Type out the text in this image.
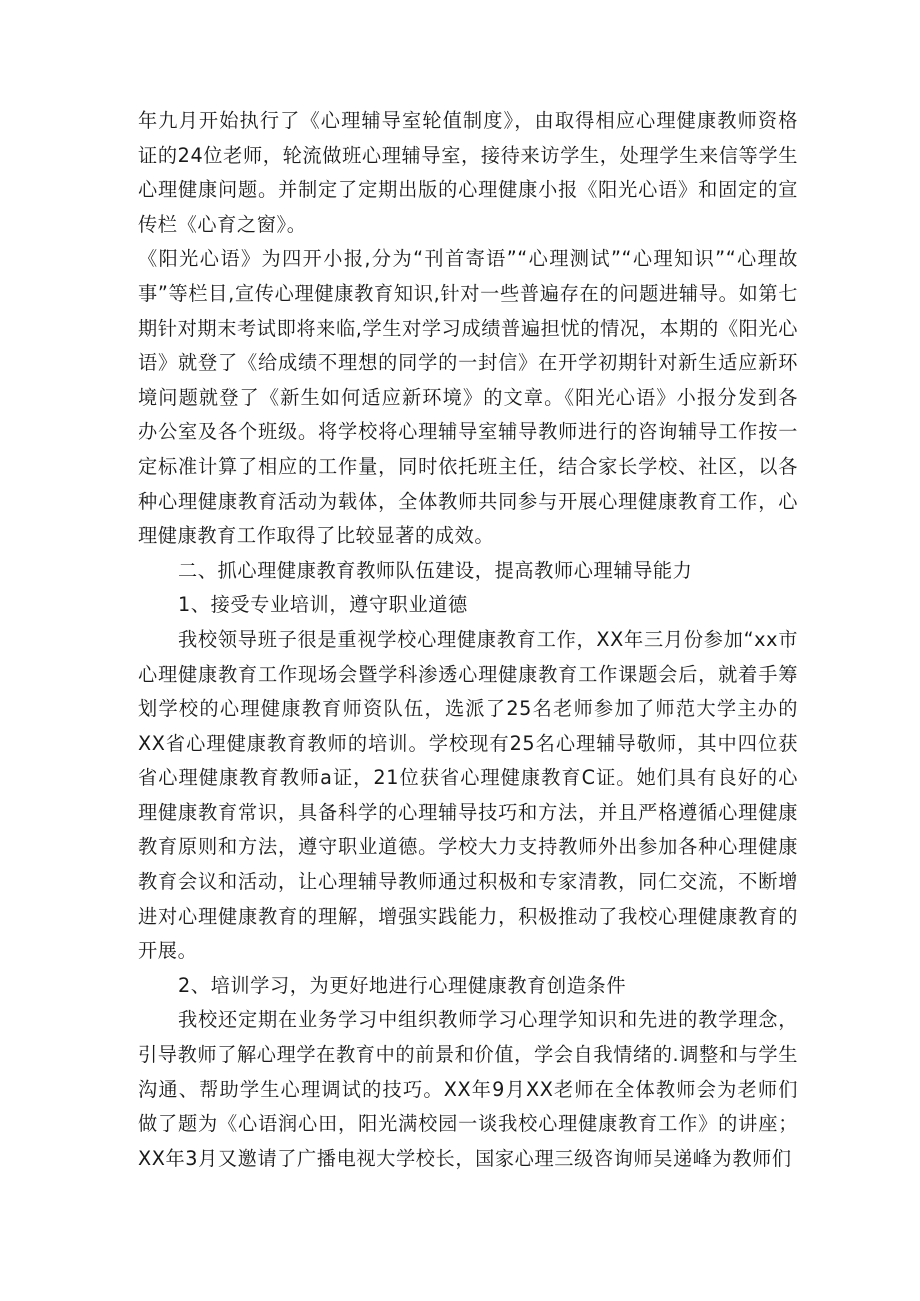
年九月开始执行了《心理辅导室轮值制度》，由取得相应心理健康教师资格证的24位老师，轮流做班心理辅导室，接待来访学生，处理学生来信等学生心理健康问题。并制定了定期出版的心理健康小报《阳光心语》和固定的宣传栏《心育之窗》。

《阳光心语》为四开小报,分为“刊首寄语”“心理测试”“心理知识”“心理故事”等栏目,宣传心理健康教育知识,针对一些普遍存在的问题进辅导。如第七期针对期末考试即将来临,学生对学习成绩普遍担忧的情况，本期的《阳光心语》就登了《给成绩不理想的同学的一封信》在开学初期针对新生适应新环境问题就登了《新生如何适应新环境》的文章。《阳光心语》小报分发到各办公室及各个班级。将学校将心理辅导室辅导教师进行的咨询辅导工作按一定标准计算了相应的工作量，同时依托班主任，结合家长学校、社区，以各种心理健康教育活动为载体，全体教师共同参与开展心理健康教育工作，心理健康教育工作取得了比较显著的成效。

二、抓心理健康教育教师队伍建设，提高教师心理辅导能力

1、接受专业培训，遵守职业道德

我校领导班子很是重视学校心理健康教育工作，XX年三月份参加“xx市心理健康教育工作现场会暨学科渗透心理健康教育工作课题会后，就着手筹划学校的心理健康教育师资队伍，选派了25名老师参加了师范大学主办的XX省心理健康教育教师的培训。学校现有25名心理辅导敬师，其中四位获省心理健康教育教师a证，21位获省心理健康教育C证。她们具有良好的心理健康教育常识，具备科学的心理辅导技巧和方法，并且严格遵循心理健康教育原则和方法，遵守职业道德。学校大力支持教师外出参加各种心理健康教育会议和活动，让心理辅导教师通过积极和专家清教，同仁交流，不断增进对心理健康教育的理解，增强实践能力，积极推动了我校心理健康教育的开展。

2、培训学习，为更好地进行心理健康教育创造条件

我校还定期在业务学习中组织教师学习心理学知识和先进的教学理念，引导教师了解心理学在教育中的前景和价值，学会自我情绪的.调整和与学生沟通、帮助学生心理调试的技巧。XX年9月XX老师在全体教师会为老师们做了题为《心语润心田，阳光满校园一谈我校心理健康教育工作》的讲座；XX年3月又邀请了广播电视大学校长，国家心理三级咨询师吴递峰为教师们
